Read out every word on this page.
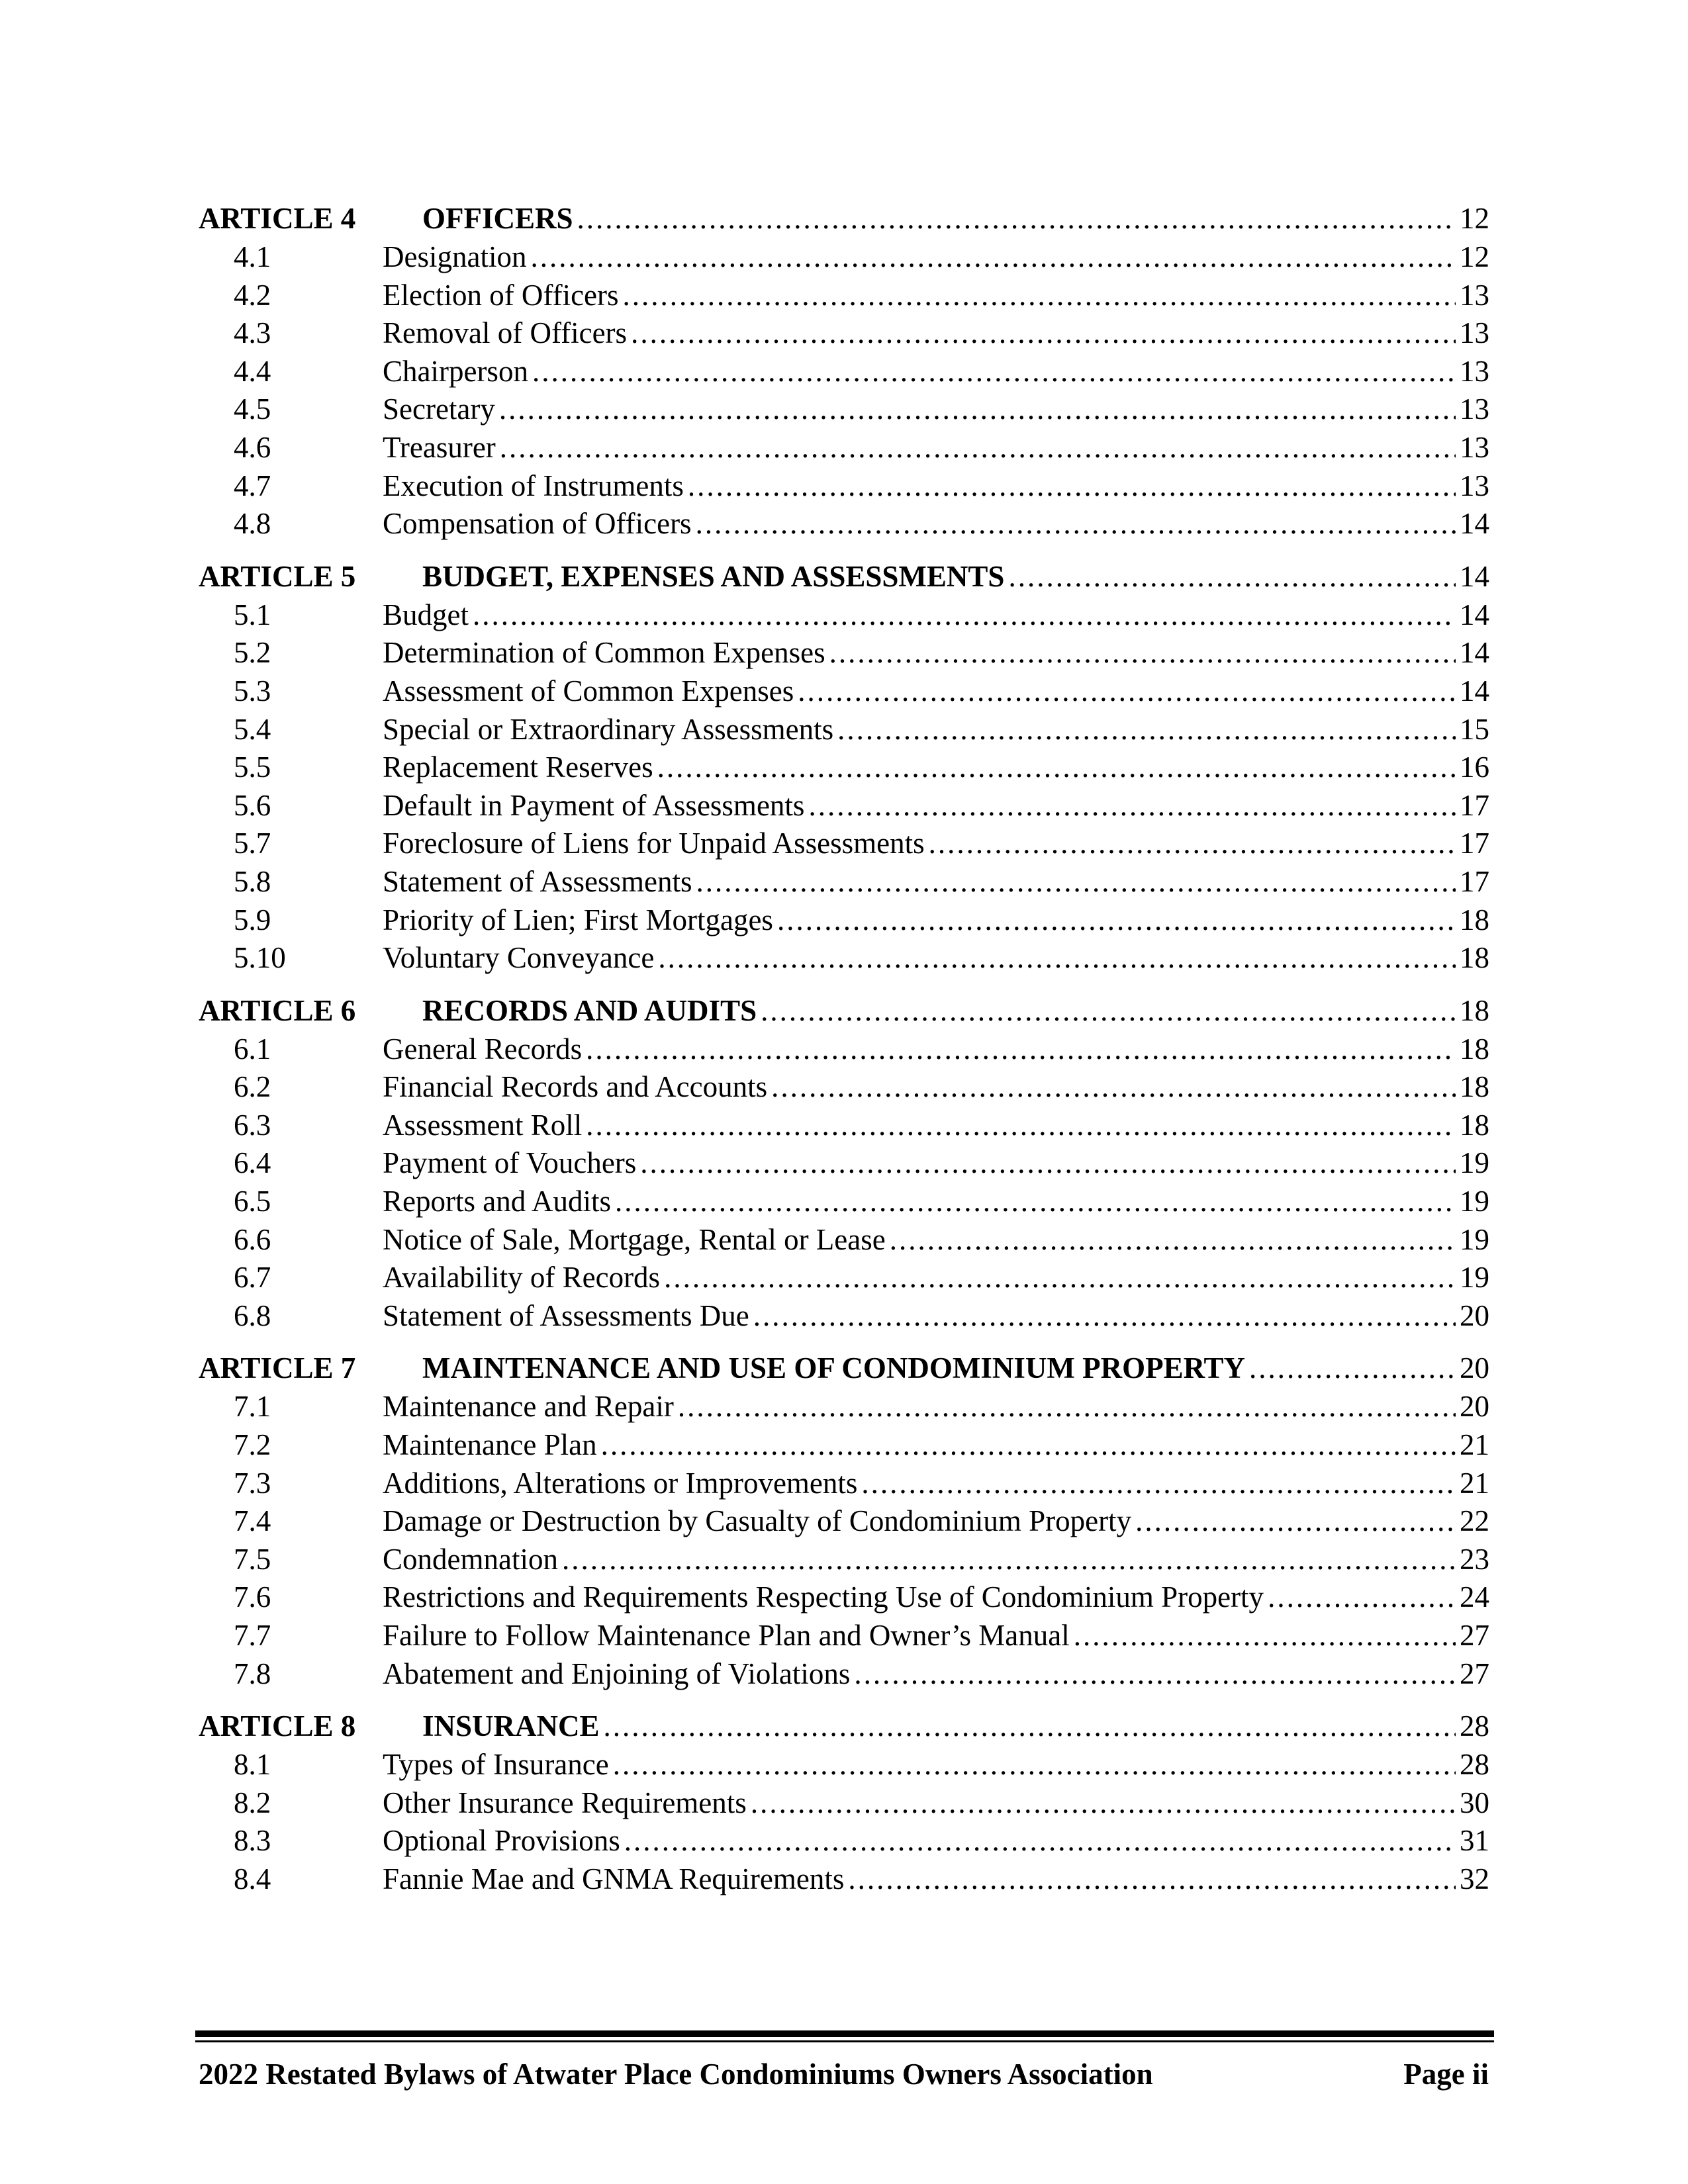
ARTICLE 4	OFFICERS .....	12
4.1	Designation .....	12
4.2	Election of Officers .....	13
4.3	Removal of Officers .....	13
4.4	Chairperson .....	13
4.5	Secretary .....	13
4.6	Treasurer .....	13
4.7	Execution of Instruments .....	13
4.8	Compensation of Officers .....	14
ARTICLE 5	BUDGET, EXPENSES AND ASSESSMENTS .....	14
5.1	Budget .....	14
5.2	Determination of Common Expenses .....	14
5.3	Assessment of Common Expenses .....	14
5.4	Special or Extraordinary Assessments .....	15
5.5	Replacement Reserves .....	16
5.6	Default in Payment of Assessments .....	17
5.7	Foreclosure of Liens for Unpaid Assessments .....	17
5.8	Statement of Assessments .....	17
5.9	Priority of Lien; First Mortgages .....	18
5.10	Voluntary Conveyance .....	18
ARTICLE 6	RECORDS AND AUDITS .....	18
6.1	General Records .....	18
6.2	Financial Records and Accounts .....	18
6.3	Assessment Roll .....	18
6.4	Payment of Vouchers .....	19
6.5	Reports and Audits .....	19
6.6	Notice of Sale, Mortgage, Rental or Lease .....	19
6.7	Availability of Records .....	19
6.8	Statement of Assessments Due .....	20
ARTICLE 7	MAINTENANCE AND USE OF CONDOMINIUM PROPERTY .....	20
7.1	Maintenance and Repair .....	20
7.2	Maintenance Plan .....	21
7.3	Additions, Alterations or Improvements .....	21
7.4	Damage or Destruction by Casualty of Condominium Property .....	22
7.5	Condemnation .....	23
7.6	Restrictions and Requirements Respecting Use of Condominium Property .....	24
7.7	Failure to Follow Maintenance Plan and Owner’s Manual .....	27
7.8	Abatement and Enjoining of Violations .....	27
ARTICLE 8	INSURANCE .....	28
8.1	Types of Insurance .....	28
8.2	Other Insurance Requirements .....	30
8.3	Optional Provisions .....	31
8.4	Fannie Mae and GNMA Requirements .....	32
2022 Restated Bylaws of Atwater Place Condominiums Owners Association	Page ii
